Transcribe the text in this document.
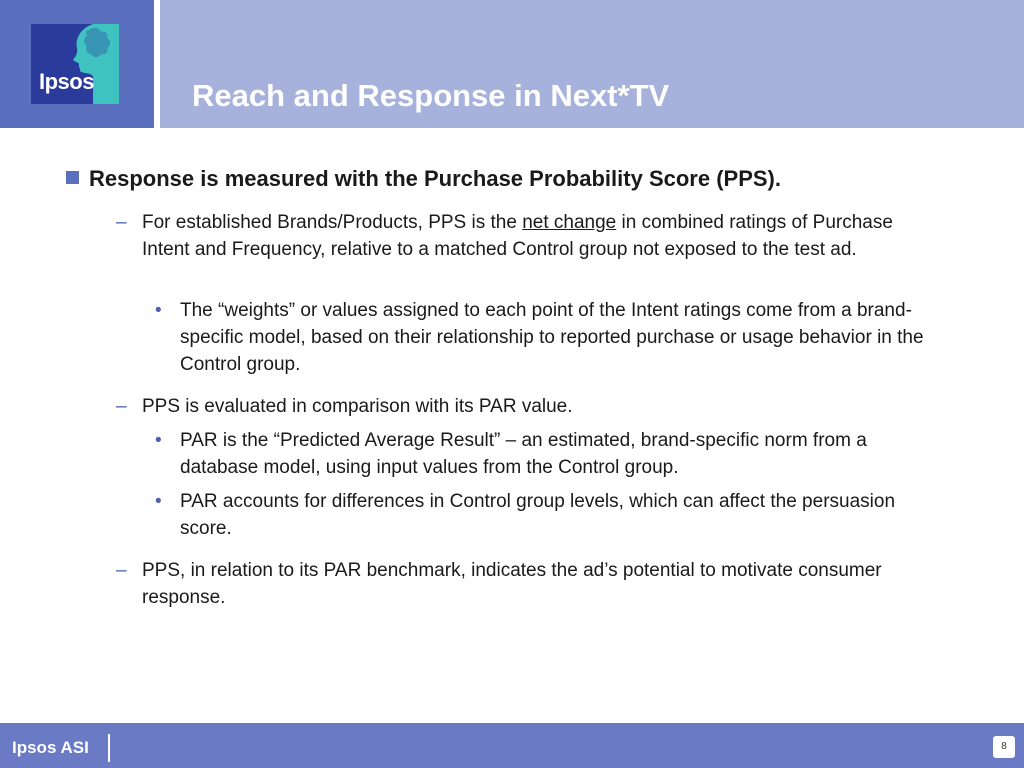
Ipsos	Reach and Response in Next*TV
Response is measured with the Purchase Probability Score (PPS).
– For established Brands/Products, PPS is the net change in combined ratings of Purchase Intent and Frequency, relative to a matched Control group not exposed to the test ad.
• The “weights” or values assigned to each point of the Intent ratings come from a brand-specific model, based on their relationship to reported purchase or usage behavior in the Control group.
– PPS is evaluated in comparison with its PAR value.
• PAR is the “Predicted Average Result” – an estimated, brand-specific norm from a database model, using input values from the Control group.
• PAR accounts for differences in Control group levels, which can affect the persuasion score.
– PPS, in relation to its PAR benchmark, indicates the ad’s potential to motivate consumer response.
Ipsos ASI	8
